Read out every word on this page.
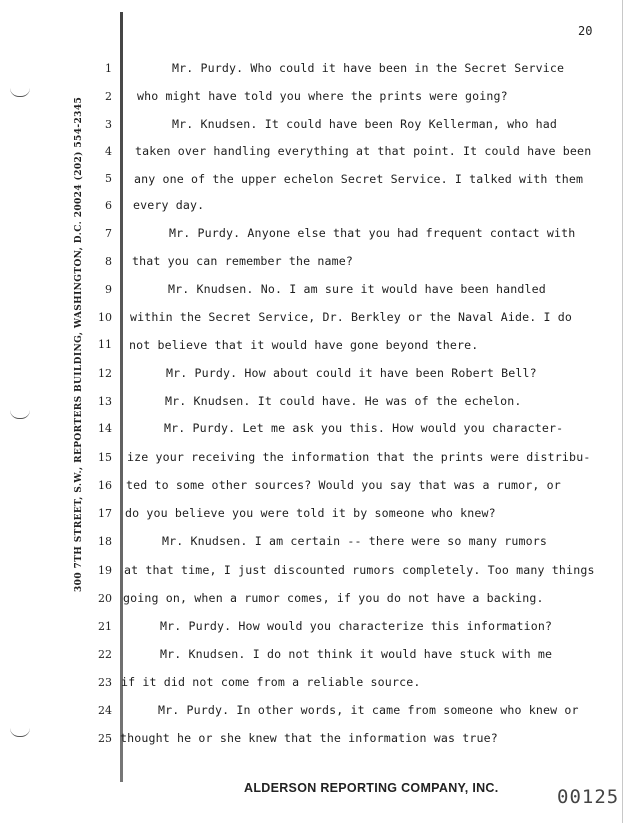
20
300 7TH STREET, S.W., REPORTERS BUILDING, WASHINGTON, D.C. 20024 (202) 554-2345
1
2
3
4
5
6
7
8
9
10
11
12
13
14
15
16
17
18
19
20
21
22
23
24
25
Mr. Purdy. Who could it have been in the Secret Service
who might have told you where the prints were going?
Mr. Knudsen. It could have been Roy Kellerman, who had
taken over handling everything at that point. It could have been
any one of the upper echelon Secret Service. I talked with them
every day.
Mr. Purdy. Anyone else that you had frequent contact with
that you can remember the name?
Mr. Knudsen. No. I am sure it would have been handled
within the Secret Service, Dr. Berkley or the Naval Aide. I do
not believe that it would have gone beyond there.
Mr. Purdy. How about could it have been Robert Bell?
Mr. Knudsen. It could have. He was of the echelon.
Mr. Purdy. Let me ask you this. How would you character-
ize your receiving the information that the prints were distribu-
ted to some other sources? Would you say that was a rumor, or
do you believe you were told it by someone who knew?
Mr. Knudsen. I am certain -- there were so many rumors
at that time, I just discounted rumors completely. Too many things
going on, when a rumor comes, if you do not have a backing.
Mr. Purdy. How would you characterize this information?
Mr. Knudsen. I do not think it would have stuck with me
if it did not come from a reliable source.
Mr. Purdy. In other words, it came from someone who knew or
thought he or she knew that the information was true?
ALDERSON REPORTING COMPANY, INC.	00125
